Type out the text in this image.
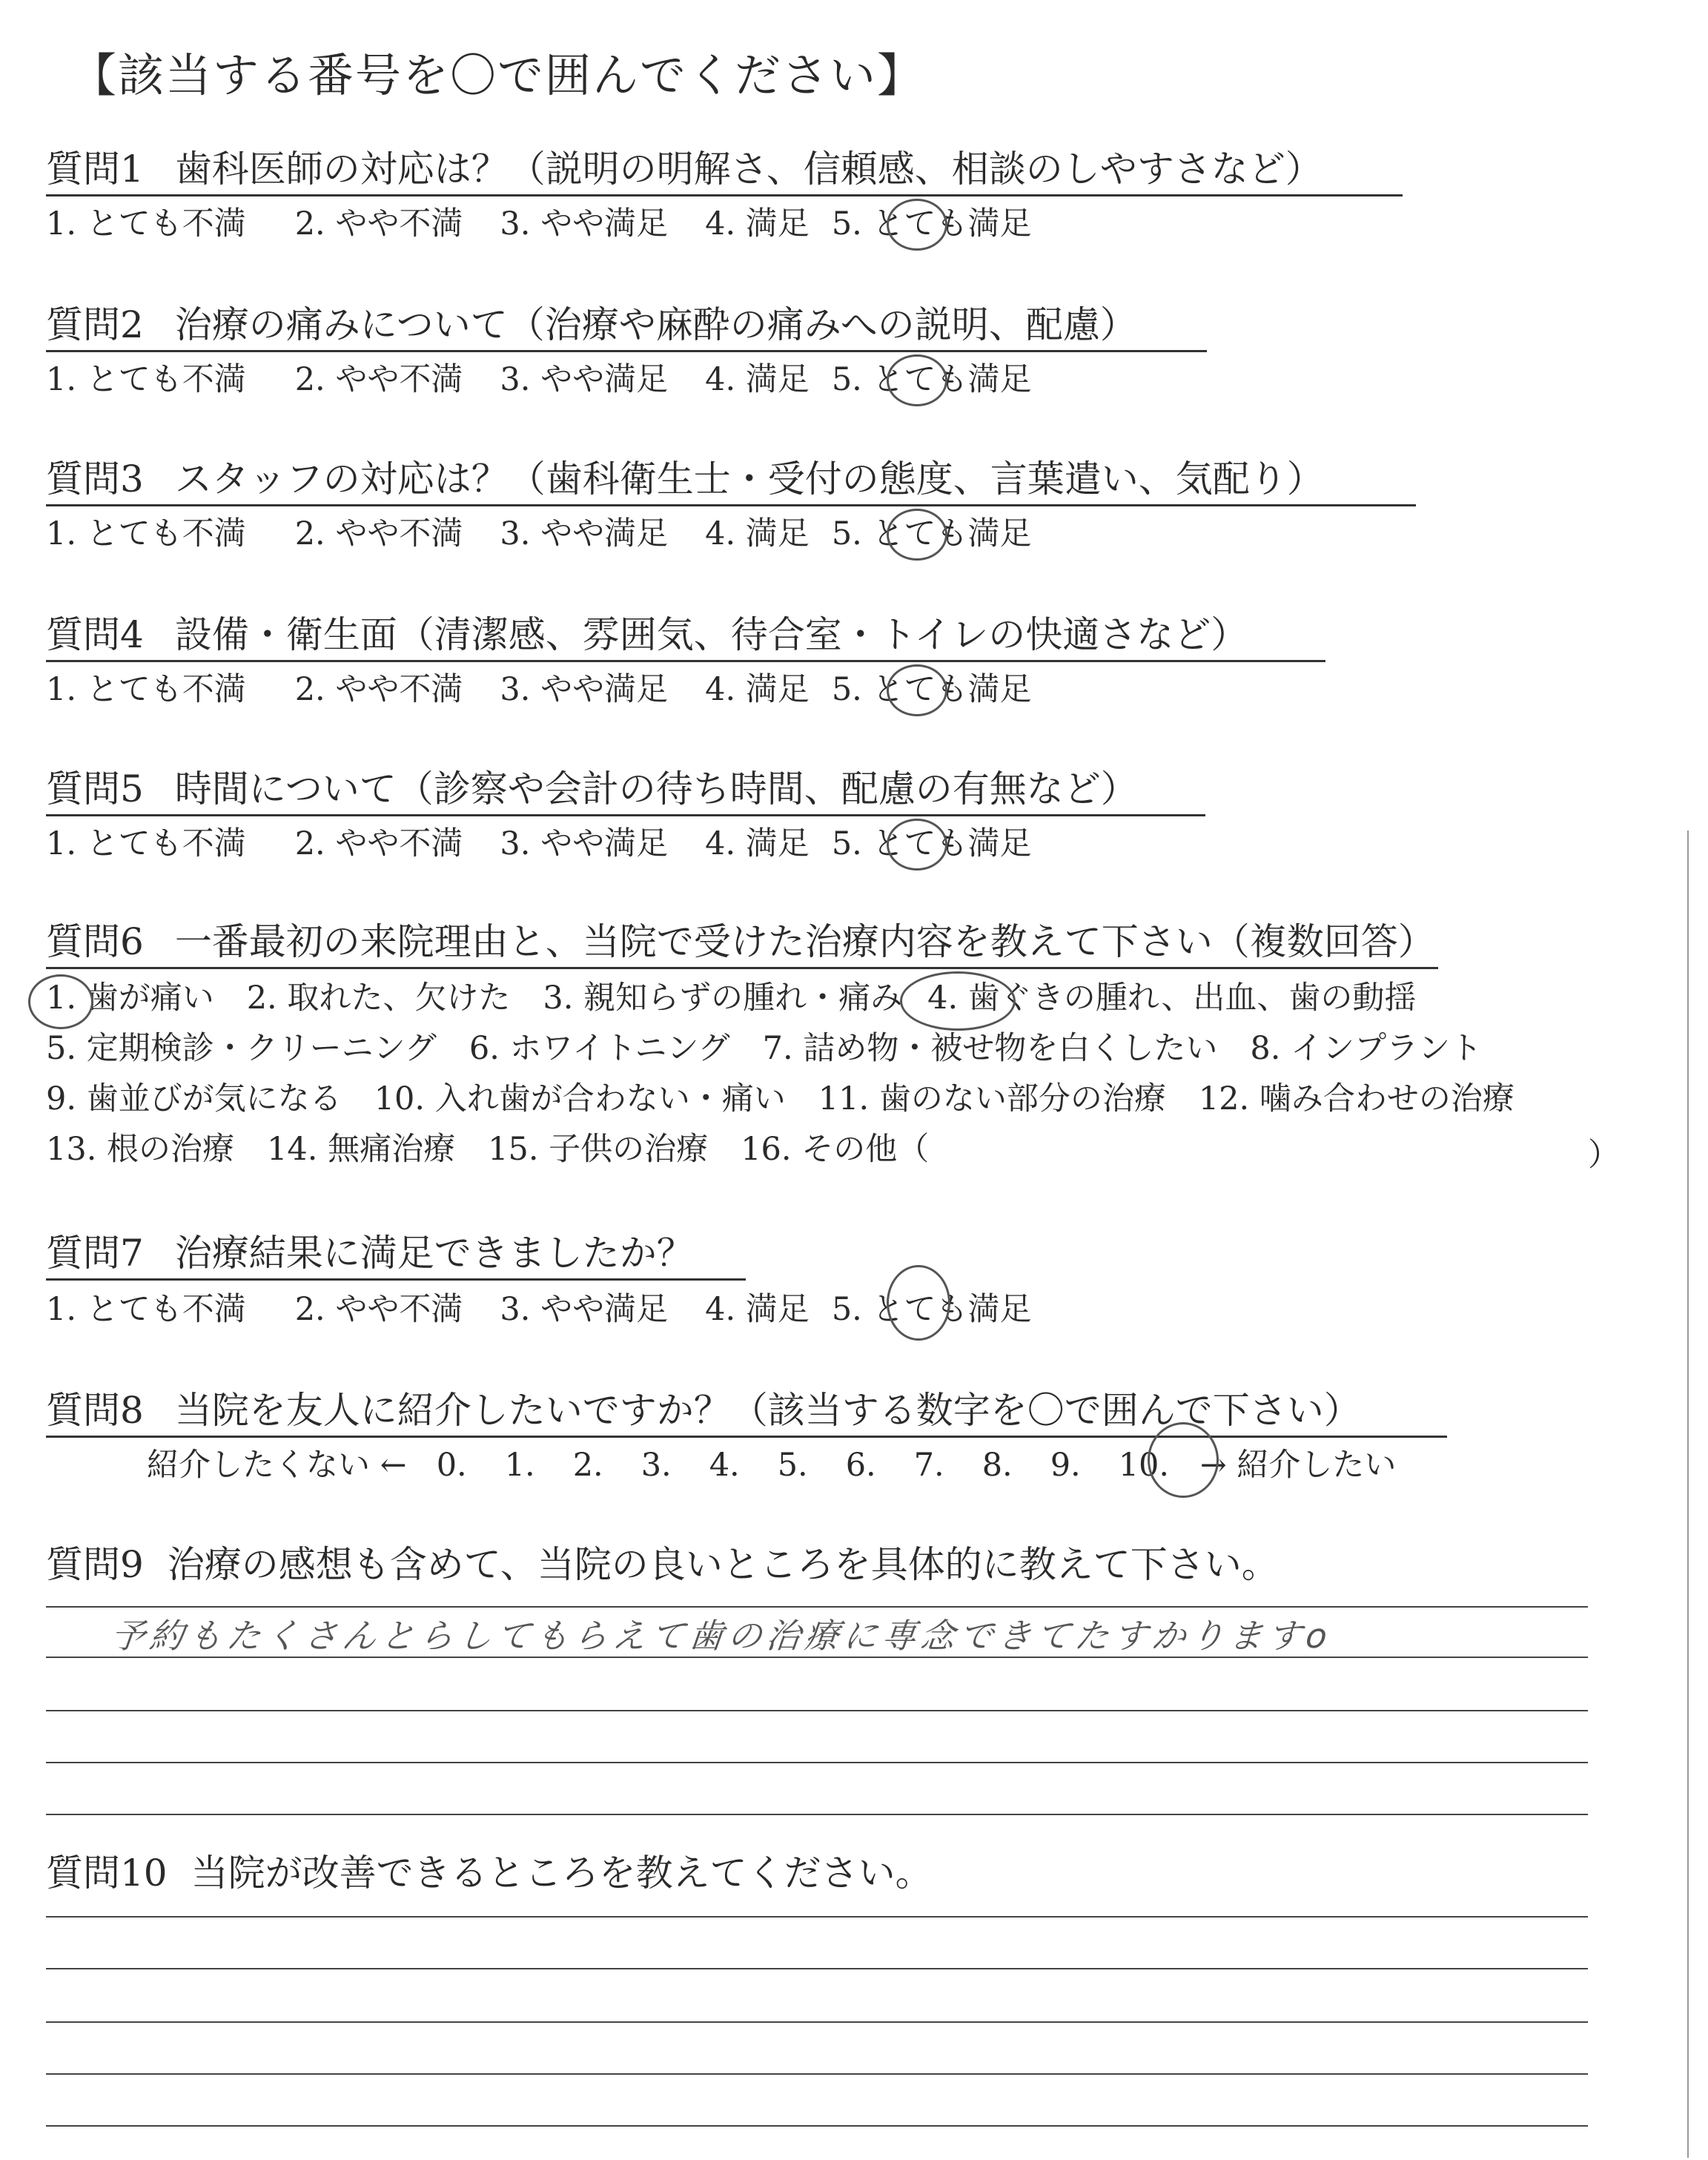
【該当する番号を〇で囲んでください】
質問1 歯科医師の対応は？（説明の明解さ、信頼感、相談のしやすさなど）
1. とても不満 2. やや不満 3. やや満足 4. 満足 5. とても満足
質問2 治療の痛みについて（治療や麻酔の痛みへの説明、配慮）
1. とても不満 2. やや不満 3. やや満足 4. 満足 5. とても満足
質問3 スタッフの対応は？（歯科衛生士・受付の態度、言葉遣い、気配り）
1. とても不満 2. やや不満 3. やや満足 4. 満足 5. とても満足
質問4 設備・衛生面（清潔感、雰囲気、待合室・トイレの快適さなど）
1. とても不満 2. やや不満 3. やや満足 4. 満足 5. とても満足
質問5 時間について（診察や会計の待ち時間、配慮の有無など）
1. とても不満 2. やや不満 3. やや満足 4. 満足 5. とても満足
質問6 一番最初の来院理由と、当院で受けた治療内容を教えて下さい（複数回答）
1. 歯が痛い 2. 取れた、欠けた 3. 親知らずの腫れ・痛み 4. 歯ぐきの腫れ、出血、歯の動揺
5. 定期検診・クリーニング 6. ホワイトニング 7. 詰め物・被せ物を白くしたい 8. インプラント
9. 歯並びが気になる 10. 入れ歯が合わない・痛い 11. 歯のない部分の治療 12. 噛み合わせの治療
13. 根の治療 14. 無痛治療 15. 子供の治療 16. その他（	）
質問7 治療結果に満足できましたか？
1. とても不満 2. やや不満 3. やや満足 4. 満足 5. とても満足
質問8 当院を友人に紹介したいですか？（該当する数字を〇で囲んで下さい）
紹介したくない ← 0. 1. 2. 3. 4. 5. 6. 7. 8. 9. 10. → 紹介したい
質問9 治療の感想も含めて、当院の良いところを具体的に教えて下さい。
予約もたくさんとらしてもらえて歯の治療に専念できてたすかりますo
質問10 当院が改善できるところを教えてください。
